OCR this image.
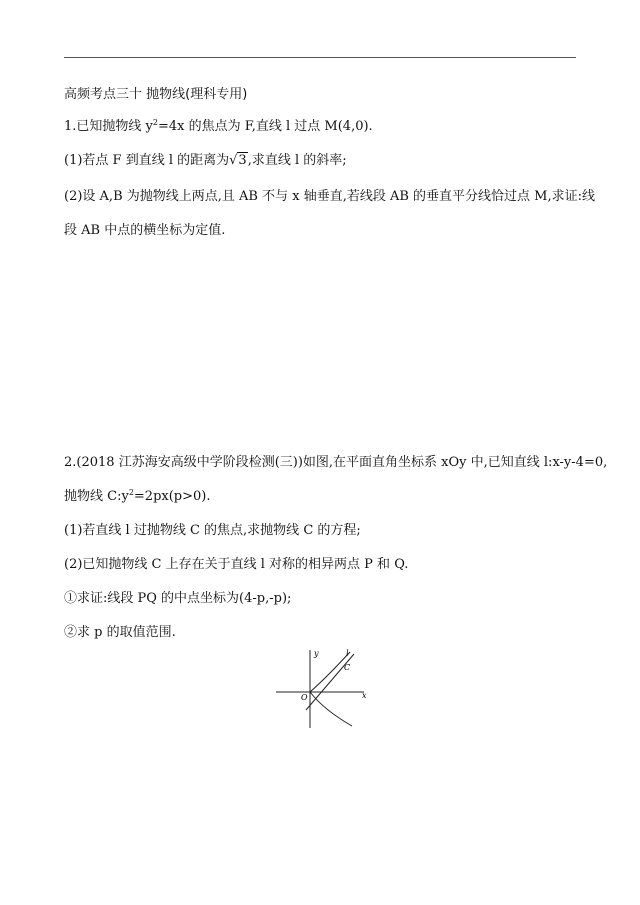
高频考点三十 抛物线(理科专用)
1.已知抛物线 $y^2=4x$ 的焦点为 F,直线 l 过点 M(4,0).
(1)若点 F 到直线 l 的距离为√3,求直线 l 的斜率;
(2)设 A,B 为抛物线上两点,且 AB 不与 x 轴垂直,若线段 AB 的垂直平分线恰过点 M,求证:线
段 AB 中点的横坐标为定值.
2.(2018 江苏海安高级中学阶段检测(三))如图,在平面直角坐标系 xOy 中,已知直线 l:x-y-4=0,
抛物线 $C:y^2=2px(p>0)$.
(1)若直线 l 过抛物线 C 的焦点,求抛物线 C 的方程;
(2)已知抛物线 C 上存在关于直线 l 对称的相异两点 P 和 Q.
①求证:线段 PQ 的中点坐标为(4-p,-p);
②求 p 的取值范围.
y
x
O
l
C
